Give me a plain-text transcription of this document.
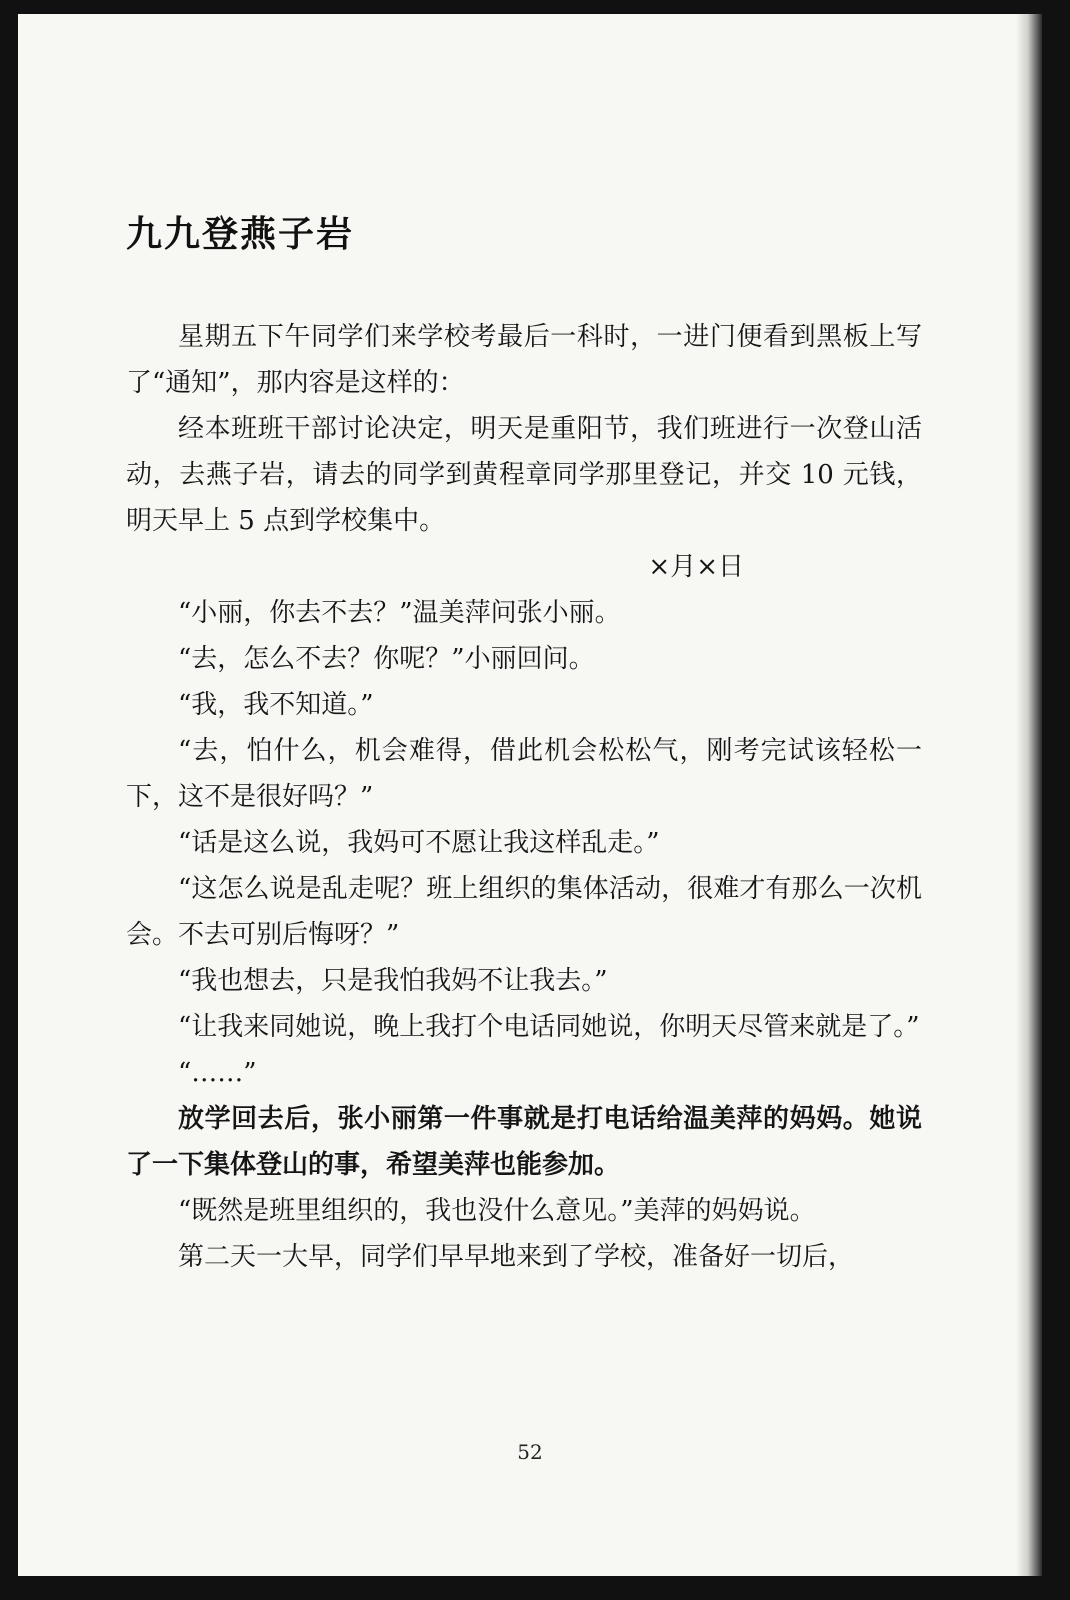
九九登燕子岩

星期五下午同学们来学校考最后一科时，一进门便看到黑板上写了“通知”，那内容是这样的：

经本班班干部讨论决定，明天是重阳节，我们班进行一次登山活动，去燕子岩，请去的同学到黄程章同学那里登记，并交 10 元钱，明天早上 5 点到学校集中。

×月×日

“小丽，你去不去？”温美萍问张小丽。

“去，怎么不去？你呢？”小丽回问。

“我，我不知道。”

“去，怕什么，机会难得，借此机会松松气，刚考完试该轻松一下，这不是很好吗？”

“话是这么说，我妈可不愿让我这样乱走。”

“这怎么说是乱走呢？班上组织的集体活动，很难才有那么一次机会。不去可别后悔呀？”

“我也想去，只是我怕我妈不让我去。”

“让我来同她说，晚上我打个电话同她说，你明天尽管来就是了。”

“……”

放学回去后，张小丽第一件事就是打电话给温美萍的妈妈。她说了一下集体登山的事，希望美萍也能参加。

“既然是班里组织的，我也没什么意见。”美萍的妈妈说。

第二天一大早，同学们早早地来到了学校，准备好一切后，

52
